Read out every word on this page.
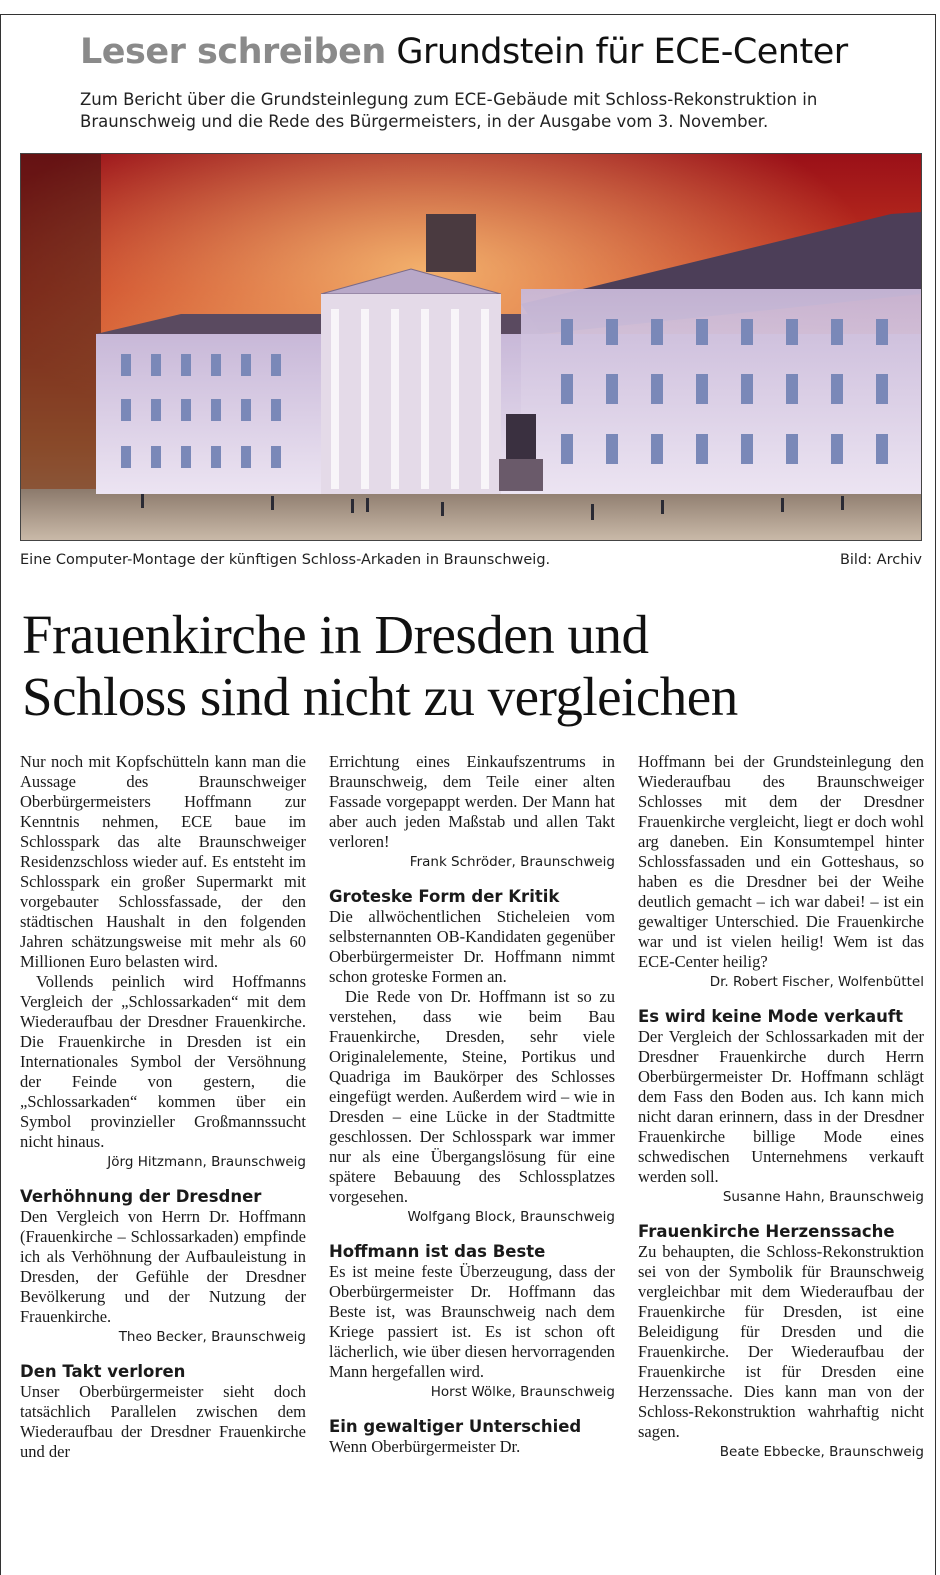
Leser schreiben Grundstein für ECE-Center
Zum Bericht über die Grundsteinlegung zum ECE-Gebäude mit Schloss-Rekonstruktion in Braunschweig und die Rede des Bürgermeisters, in der Ausgabe vom 3. November.
Eine Computer-Montage der künftigen Schloss-Arkaden in Braunschweig.	Bild: Archiv
Frauenkirche in Dresden und
Schloss sind nicht zu vergleichen

Nur noch mit Kopfschütteln kann man die Aussage des Braunschweiger Oberbürgermeisters Hoffmann zur Kenntnis nehmen, ECE baue im Schlosspark das alte Braunschweiger Residenzschloss wieder auf. Es entsteht im Schlosspark ein großer Supermarkt mit vorgebauter Schlossfassade, der den städtischen Haushalt in den folgenden Jahren schätzungsweise mit mehr als 60 Millionen Euro belasten wird.

Vollends peinlich wird Hoffmanns Vergleich der „Schlossarkaden“ mit dem Wiederaufbau der Dresdner Frauenkirche. Die Frauenkirche in Dresden ist ein Internationales Symbol der Versöhnung der Feinde von gestern, die „Schlossarkaden“ kommen über ein Symbol provinzieller Großmannssucht nicht hinaus.

Jörg Hitzmann, Braunschweig

Verhöhnung der Dresdner

Den Vergleich von Herrn Dr. Hoffmann (Frauenkirche – Schlossarkaden) empfinde ich als Verhöhnung der Aufbauleistung in Dresden, der Gefühle der Dresdner Bevölkerung und der Nutzung der Frauenkirche.

Theo Becker, Braunschweig

Den Takt verloren

Unser Oberbürgermeister sieht doch tatsächlich Parallelen zwischen dem Wiederaufbau der Dresdner Frauenkirche und der

Errichtung eines Einkaufszentrums in Braunschweig, dem Teile einer alten Fassade vorgepappt werden. Der Mann hat aber auch jeden Maßstab und allen Takt verloren!

Frank Schröder, Braunschweig

Groteske Form der Kritik

Die allwöchentlichen Sticheleien vom selbsternannten OB-Kandidaten gegenüber Oberbürgermeister Dr. Hoffmann nimmt schon groteske Formen an.

Die Rede von Dr. Hoffmann ist so zu verstehen, dass wie beim Bau Frauenkirche, Dresden, sehr viele Originalelemente, Steine, Portikus und Quadriga im Baukörper des Schlosses eingefügt werden. Außerdem wird – wie in Dresden – eine Lücke in der Stadtmitte geschlossen. Der Schlosspark war immer nur als eine Übergangslösung für eine spätere Bebauung des Schlossplatzes vorgesehen.

Wolfgang Block, Braunschweig

Hoffmann ist das Beste

Es ist meine feste Überzeugung, dass der Oberbürgermeister Dr. Hoffmann das Beste ist, was Braunschweig nach dem Kriege passiert ist. Es ist schon oft lächerlich, wie über diesen hervorragenden Mann hergefallen wird.

Horst Wölke, Braunschweig

Ein gewaltiger Unterschied

Wenn Oberbürgermeister Dr.

Hoffmann bei der Grundsteinlegung den Wiederaufbau des Braunschweiger Schlosses mit dem der Dresdner Frauenkirche vergleicht, liegt er doch wohl arg daneben. Ein Konsumtempel hinter Schlossfassaden und ein Gotteshaus, so haben es die Dresdner bei der Weihe deutlich gemacht – ich war dabei! – ist ein gewaltiger Unterschied. Die Frauenkirche war und ist vielen heilig! Wem ist das ECE-Center heilig?

Dr. Robert Fischer, Wolfenbüttel

Es wird keine Mode verkauft

Der Vergleich der Schlossarkaden mit der Dresdner Frauenkirche durch Herrn Oberbürgermeister Dr. Hoffmann schlägt dem Fass den Boden aus. Ich kann mich nicht daran erinnern, dass in der Dresdner Frauenkirche billige Mode eines schwedischen Unternehmens verkauft werden soll.

Susanne Hahn, Braunschweig

Frauenkirche Herzenssache

Zu behaupten, die Schloss-Rekonstruktion sei von der Symbolik für Braunschweig vergleichbar mit dem Wiederaufbau der Frauenkirche für Dresden, ist eine Beleidigung für Dresden und die Frauenkirche. Der Wiederaufbau der Frauenkirche ist für Dresden eine Herzenssache. Dies kann man von der Schloss-Rekonstruktion wahrhaftig nicht sagen.

Beate Ebbecke, Braunschweig
